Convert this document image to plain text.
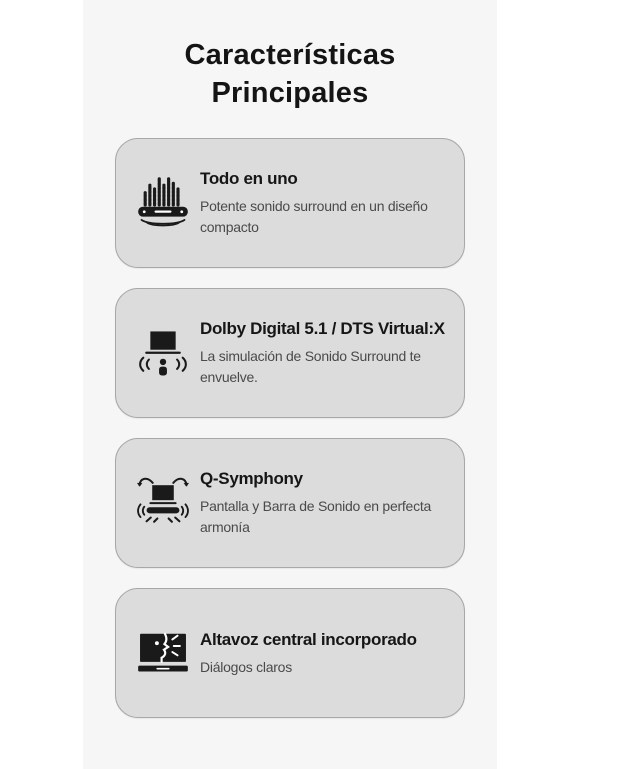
Características Principales
Todo en uno
Potente sonido surround en un diseño compacto
Dolby Digital 5.1 / DTS Virtual:X
La simulación de Sonido Surround te envuelve.
Q-Symphony
Pantalla y Barra de Sonido en perfecta armonía
Altavoz central incorporado
Diálogos claros
